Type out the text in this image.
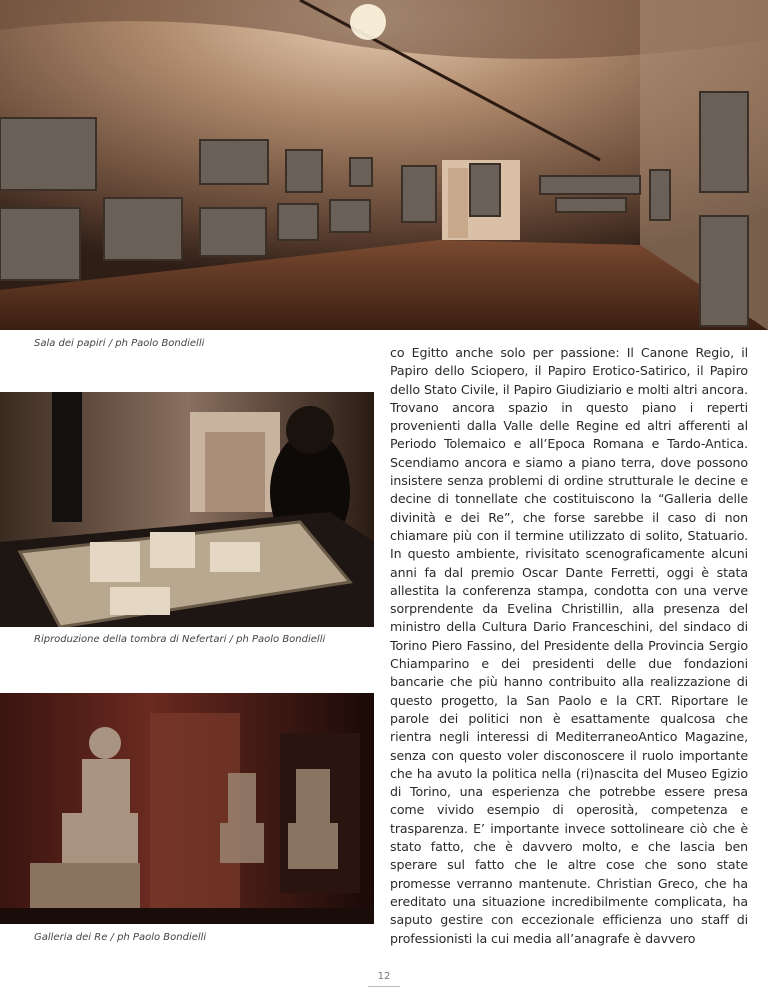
Sala dei papiri / ph Paolo Bondielli
Riproduzione della tombra di Nefertari / ph Paolo Bondielli
Galleria dei Re / ph Paolo Bondielli
co Egitto anche solo per passione: Il Canone Regio, il Papiro dello Sciopero, il Papiro Erotico-Satirico, il Papiro dello Stato Civile, il Papiro Giudiziario e molti altri ancora. Trovano ancora spazio in questo piano i reperti provenienti dalla Valle delle Regine ed altri afferenti al Periodo Tolemaico e all’Epoca Romana e Tardo-Antica. Scendiamo ancora e siamo a piano terra, dove possono insistere senza problemi di ordine strutturale le decine e decine di tonnellate che costituiscono la “Galleria delle divinità e dei Re”, che forse sarebbe il caso di non chiamare più con il termine utilizzato di solito, Statuario. In questo ambiente, rivisitato scenograficamente alcuni anni fa dal premio Oscar Dante Ferretti, oggi è stata allestita la conferenza stampa, condotta con una verve sorprendente da Evelina Christillin, alla presenza del ministro della Cultura Dario Franceschini, del sindaco di Torino Piero Fassino, del Presidente della Provincia Sergio Chiamparino e dei presidenti delle due fondazioni bancarie che più hanno contribuito alla realizzazione di questo progetto, la San Paolo e la CRT. Riportare le parole dei politici non è esattamente qualcosa che rientra negli interessi di MediterraneoAntico Magazine, senza con questo voler disconoscere il ruolo importante che ha avuto la politica nella (ri)nascita del Museo Egizio di Torino, una esperienza che potrebbe essere presa come vivido esempio di operosità, competenza e trasparenza. E’ importante invece sottolineare ciò che è stato fatto, che è davvero molto, e che lascia ben sperare sul fatto che le altre cose che sono state promesse verranno mantenute. Christian Greco, che ha ereditato una situazione incredibilmente complicata, ha saputo gestire con eccezionale efficienza uno staff di professionisti la cui media all’anagrafe è davvero
12
